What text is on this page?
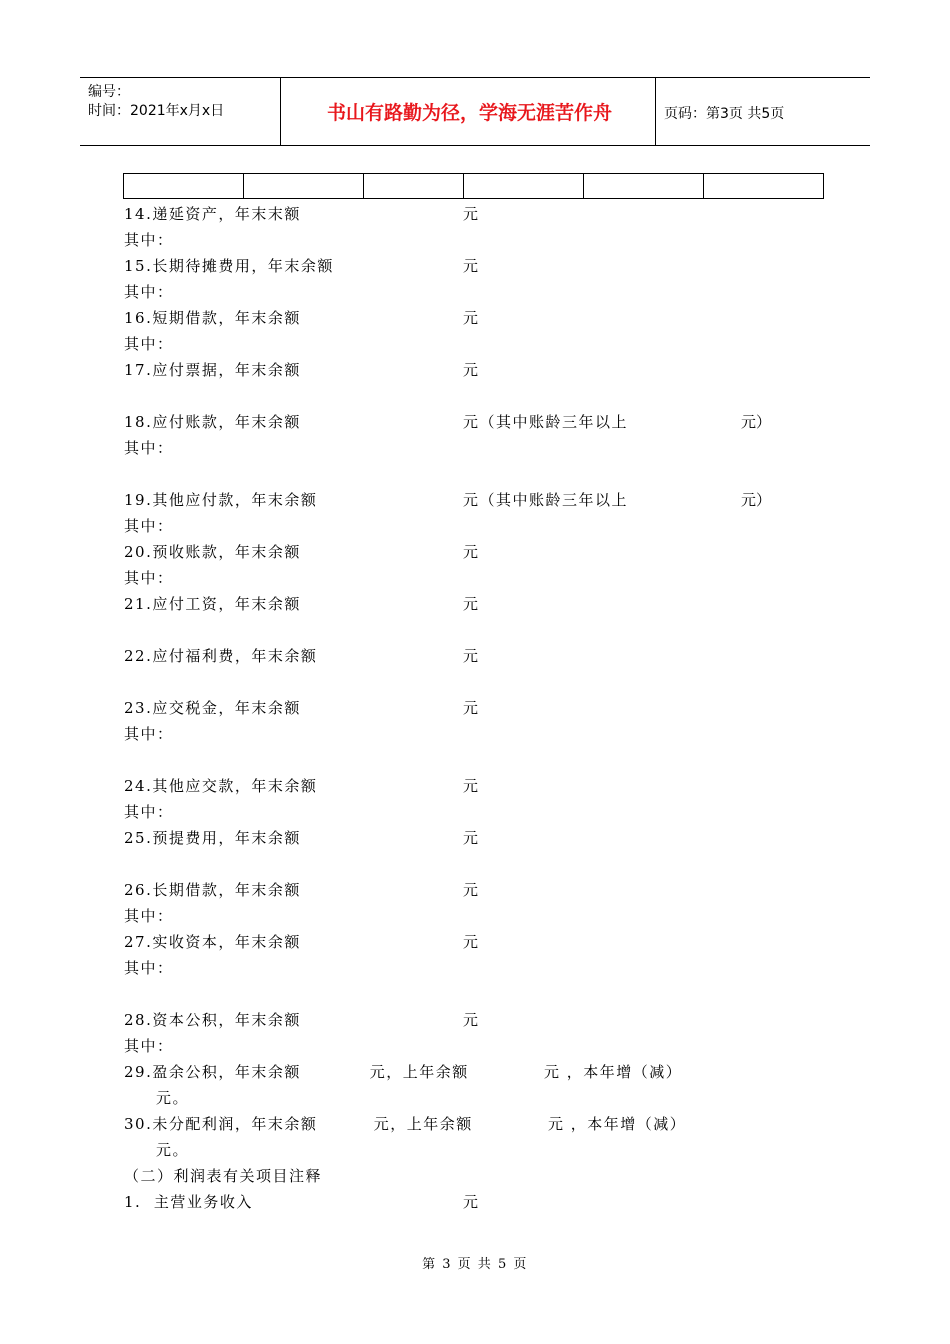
编号：
时间：2021年x月x日	书山有路勤为径，学海无涯苦作舟	页码：第3页 共5页

14.递延资产，年末末额	元
其中：
15.长期待摊费用，年末余额	元
其中：
16.短期借款，年末余额	元
其中：
17.应付票据，年末余额	元
18.应付账款，年末余额	元（其中账龄三年以上	元）
其中：
19.其他应付款，年末余额	元（其中账龄三年以上	元）
其中：
20.预收账款，年末余额	元
其中：
21.应付工资，年末余额	元
22.应付福利费，年末余额	元
23.应交税金，年末余额	元
其中：
24.其他应交款，年末余额	元
其中：
25.预提费用，年末余额	元
26.长期借款，年末余额	元
其中：
27.实收资本，年末余额	元
其中：
28.资本公积，年末余额	元
其中：
29.盈余公积，年末余额           元，上年余额            元 ，本年增（减）
元。
30.未分配利润，年末余额         元，上年余额            元 ，本年增（减）
元。
（二）利润表有关项目注释
1.  主营业务收入	元
第 3 页 共 5 页
